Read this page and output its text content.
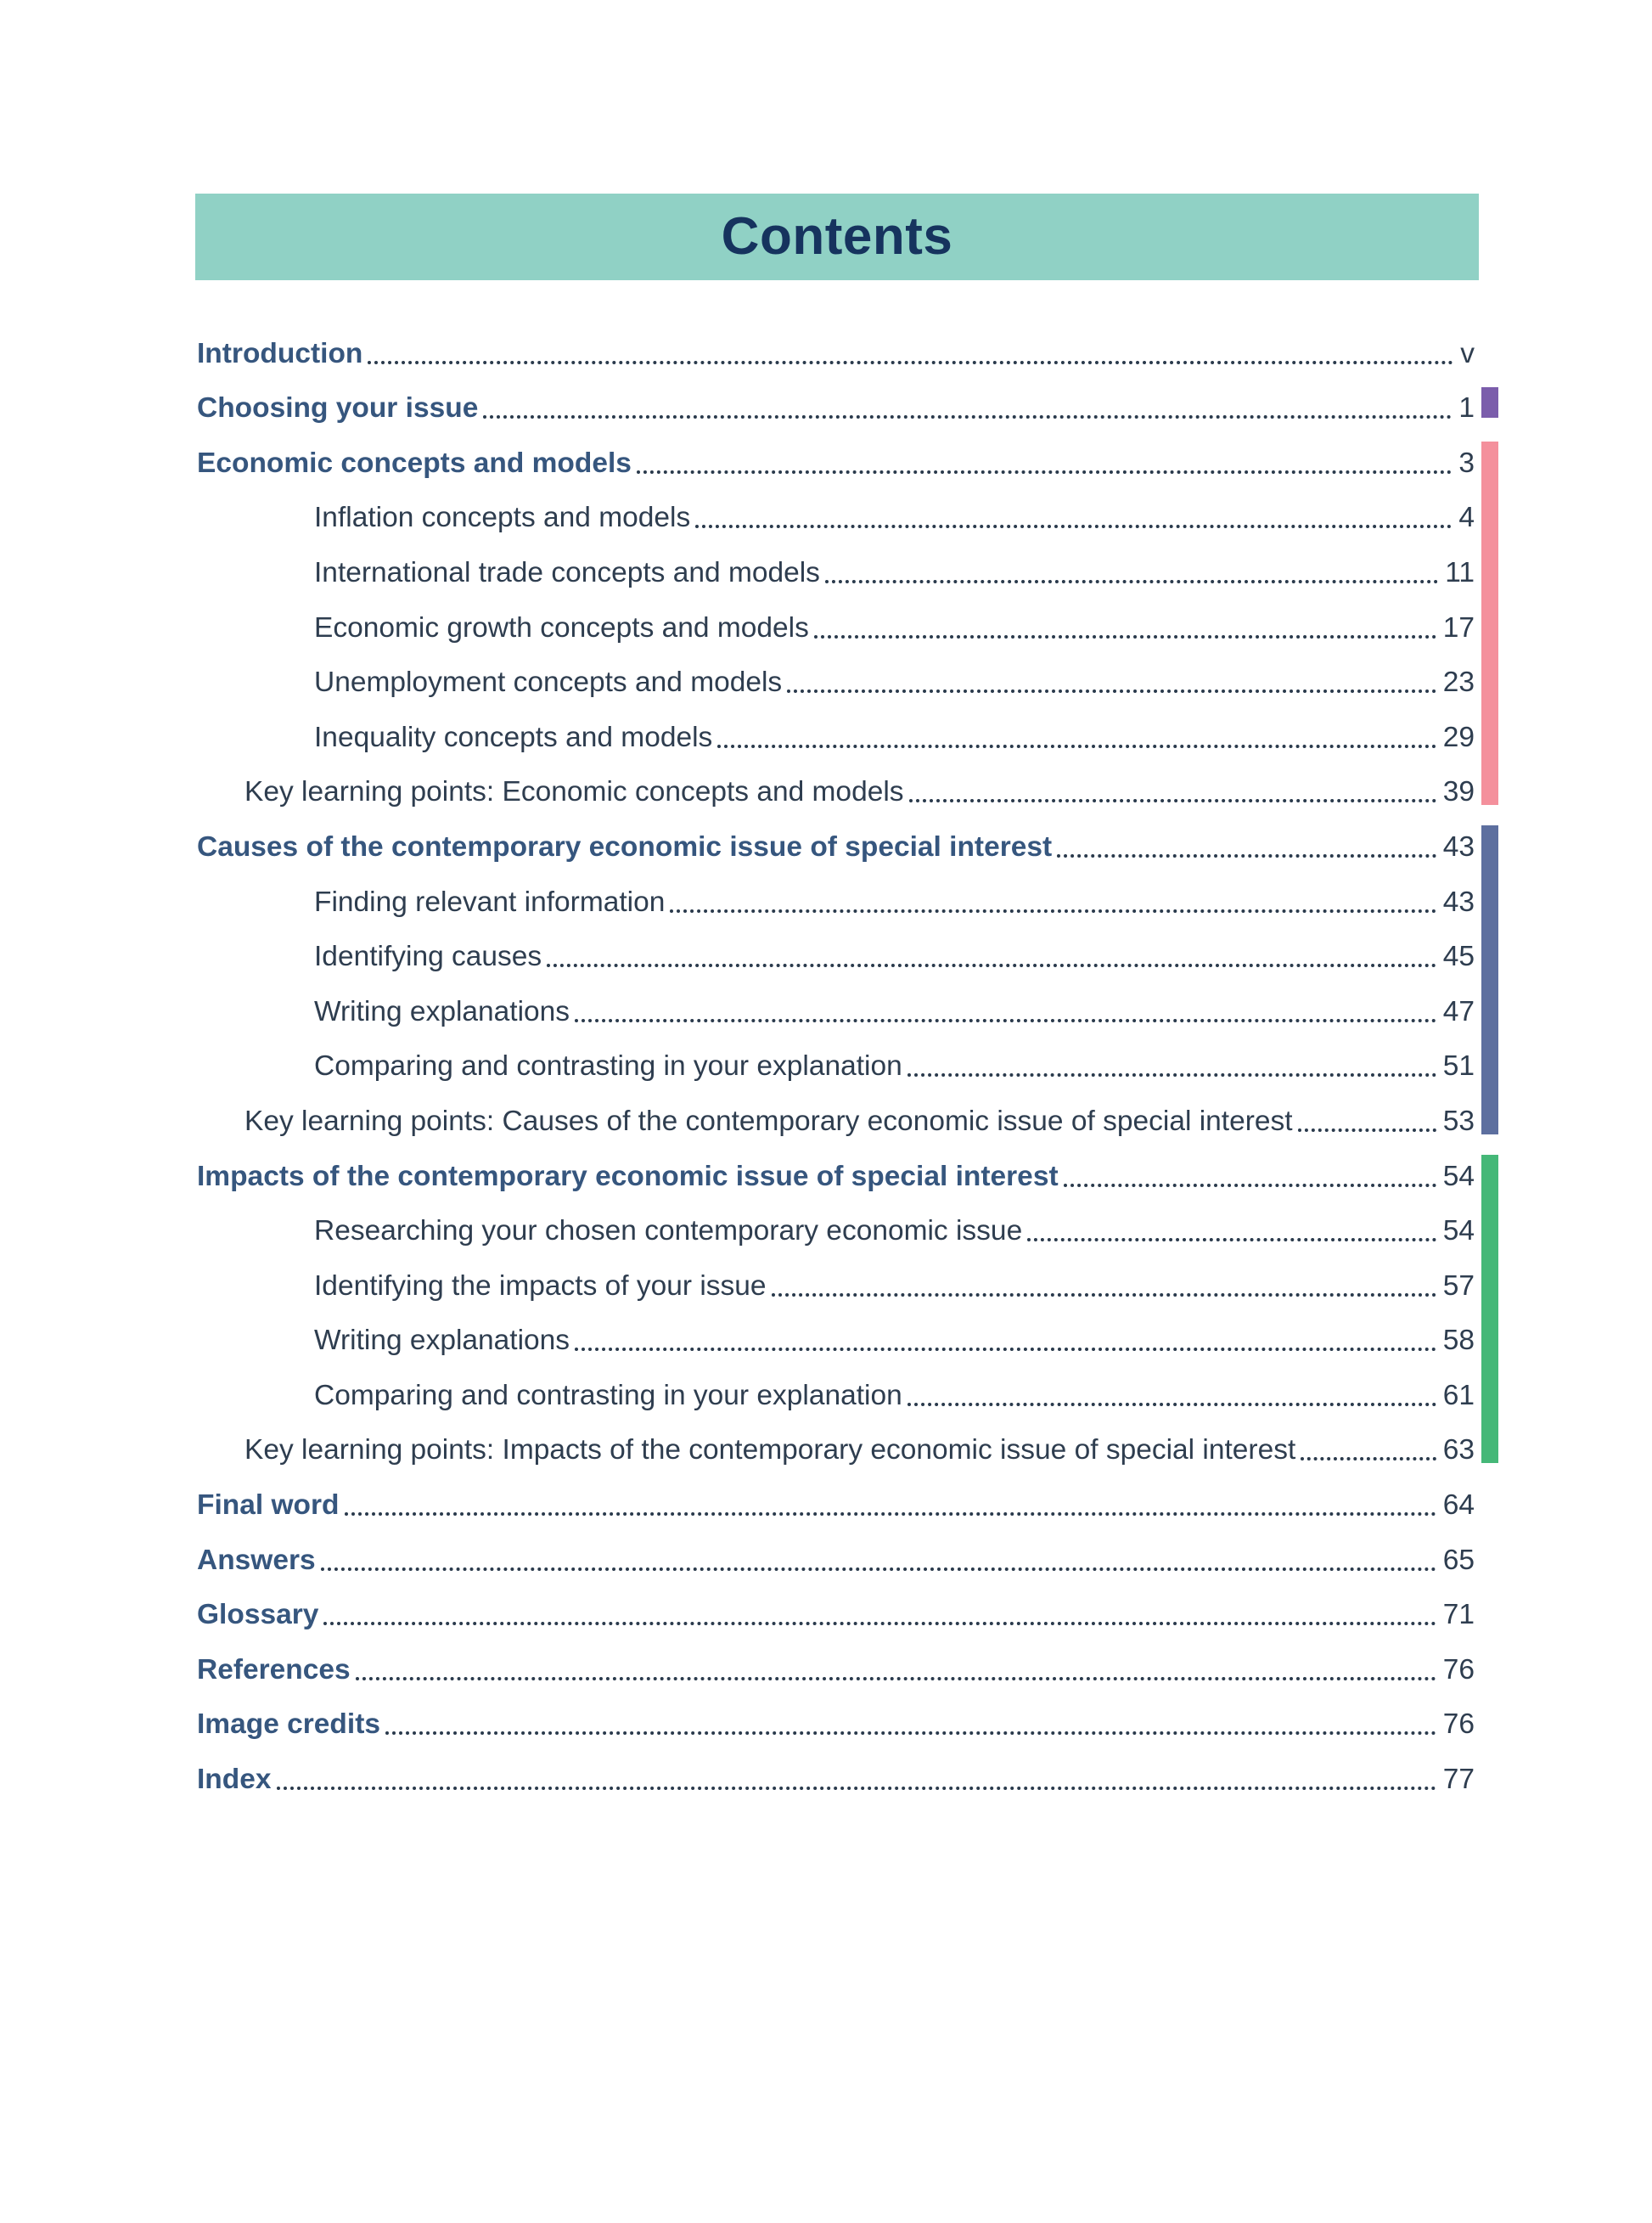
Contents
Introduction	v
Choosing your issue	1
Economic concepts and models	3
Inflation concepts and models	4
International trade concepts and models	11
Economic growth concepts and models	17
Unemployment concepts and models	23
Inequality concepts and models	29
Key learning points: Economic concepts and models	39
Causes of the contemporary economic issue of special interest	43
Finding relevant information	43
Identifying causes	45
Writing explanations	47
Comparing and contrasting in your explanation	51
Key learning points: Causes of the contemporary economic issue of special interest	53
Impacts of the contemporary economic issue of special interest	54
Researching your chosen contemporary economic issue	54
Identifying the impacts of your issue	57
Writing explanations	58
Comparing and contrasting in your explanation	61
Key learning points: Impacts of the contemporary economic issue of special interest	63
Final word	64
Answers	65
Glossary	71
References	76
Image credits	76
Index	77
